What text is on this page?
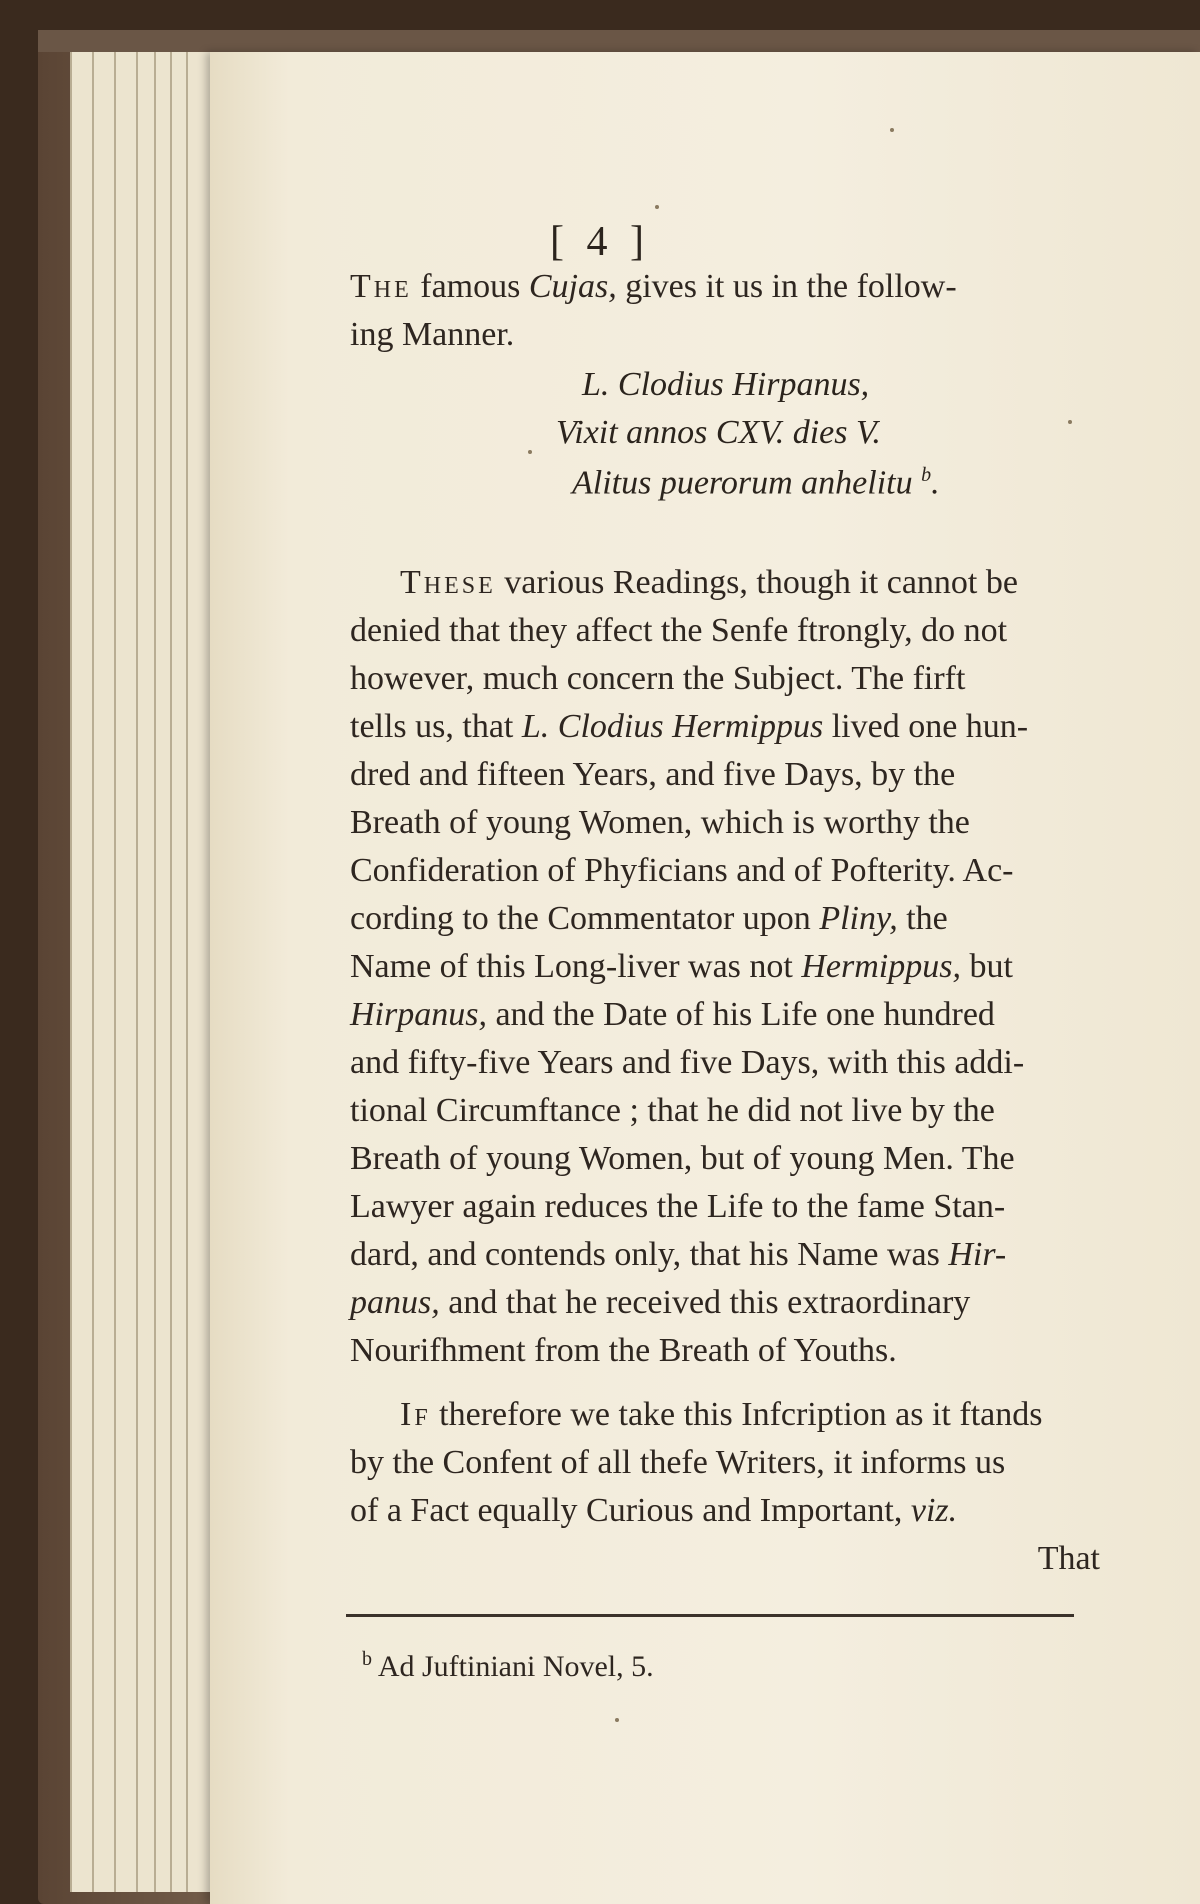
[ 4 ]
The famous Cujas, gives it us in the follow-
ing Manner.
L. Clodius Hirpanus,
Vixit annos CXV. dies V.
Alitus puerorum anhelitu $^b$.
These various Readings, though it cannot be
denied that they affect the Senfe ftrongly, do not
however, much concern the Subject. The firft
tells us, that L. Clodius Hermippus lived one hun-
dred and fifteen Years, and five Days, by the
Breath of young Women, which is worthy the
Confideration of Phyficians and of Pofterity. Ac-
cording to the Commentator upon Pliny, the
Name of this Long-liver was not Hermippus, but
Hirpanus, and the Date of his Life one hundred
and fifty-five Years and five Days, with this addi-
tional Circumftance ; that he did not live by the
Breath of young Women, but of young Men. The
Lawyer again reduces the Life to the fame Stan-
dard, and contends only, that his Name was Hir-
panus, and that he received this extraordinary
Nourifhment from the Breath of Youths.
If therefore we take this Infcription as it ftands
by the Confent of all thefe Writers, it informs us
of a Fact equally Curious and Important, viz.
That
$^b$ Ad Juftiniani Novel, 5.
